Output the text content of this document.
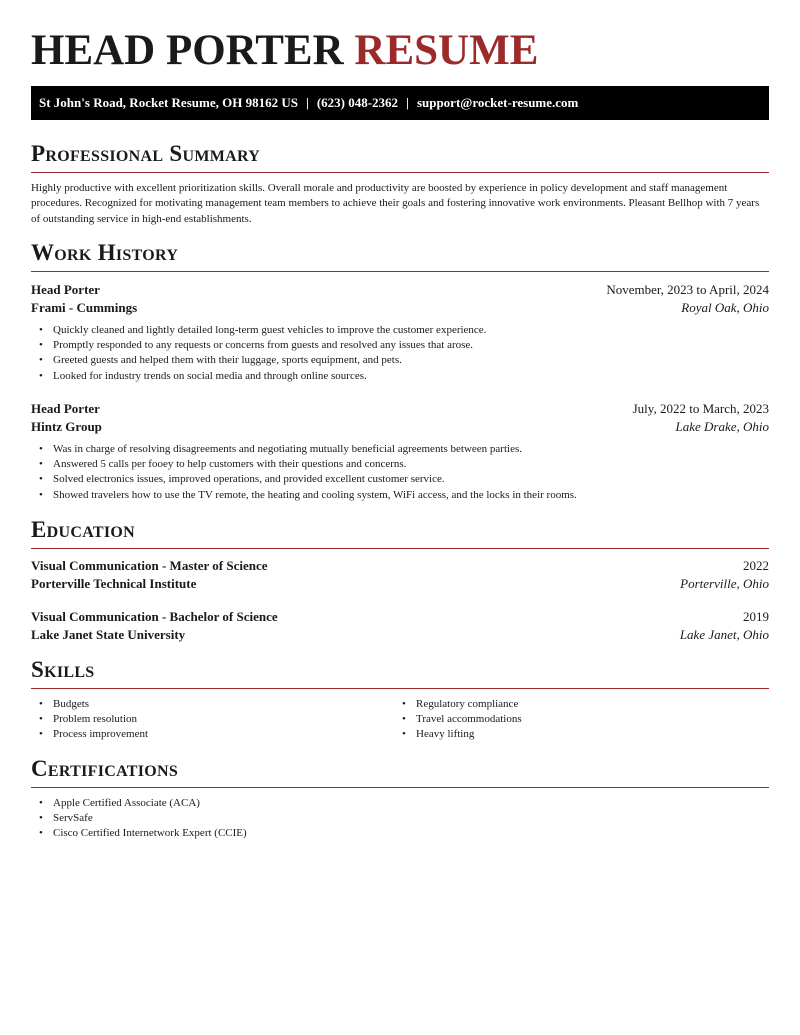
HEAD PORTER RESUME
St John's Road, Rocket Resume, OH 98162 US | (623) 048-2362 | support@rocket-resume.com
Professional Summary

Highly productive with excellent prioritization skills. Overall morale and productivity are boosted by experience in policy development and staff management procedures. Recognized for motivating management team members to achieve their goals and fostering innovative work environments. Pleasant Bellhop with 7 years of outstanding service in high-end establishments.

Work History
Head Porter	November, 2023 to April, 2024
Frami - Cummings	Royal Oak, Ohio
• Quickly cleaned and lightly detailed long-term guest vehicles to improve the customer experience.
• Promptly responded to any requests or concerns from guests and resolved any issues that arose.
• Greeted guests and helped them with their luggage, sports equipment, and pets.
• Looked for industry trends on social media and through online sources.
Head Porter	July, 2022 to March, 2023
Hintz Group	Lake Drake, Ohio
• Was in charge of resolving disagreements and negotiating mutually beneficial agreements between parties.
• Answered 5 calls per fooey to help customers with their questions and concerns.
• Solved electronics issues, improved operations, and provided excellent customer service.
• Showed travelers how to use the TV remote, the heating and cooling system, WiFi access, and the locks in their rooms.
Education
Visual Communication - Master of Science	2022
Porterville Technical Institute	Porterville, Ohio
Visual Communication - Bachelor of Science	2019
Lake Janet State University	Lake Janet, Ohio
Skills
• Budgets
• Problem resolution
• Process improvement
• Regulatory compliance
• Travel accommodations
• Heavy lifting
Certifications
• Apple Certified Associate (ACA)
• ServSafe
• Cisco Certified Internetwork Expert (CCIE)
